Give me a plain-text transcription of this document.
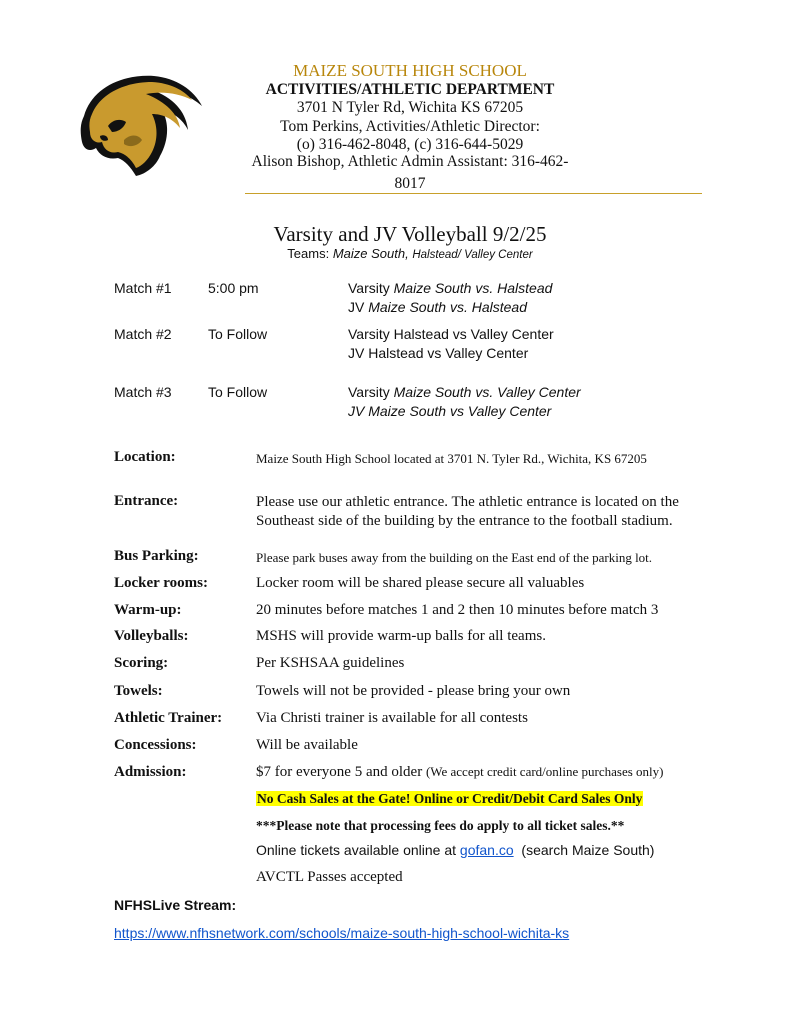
MAIZE SOUTH HIGH SCHOOL
ACTIVITIES/ATHLETIC DEPARTMENT
3701 N Tyler Rd, Wichita KS 67205
Tom Perkins, Activities/Athletic Director:
(o) 316-462-8048, (c) 316-644-5029
Alison Bishop, Athletic Admin Assistant: 316-462-8017
Varsity and JV Volleyball 9/2/25
Teams: Maize South, Halstead/ Valley Center
Match #1	5:00 pm	Varsity Maize South vs. Halstead
JV Maize South vs. Halstead
Match #2	To Follow	Varsity Halstead vs Valley Center
JV Halstead vs Valley Center
Match #3	To Follow	Varsity Maize South vs. Valley Center
JV Maize South vs Valley Center
Location:	Maize South High School located at 3701 N. Tyler Rd., Wichita, KS 67205
Entrance:	Please use our athletic entrance. The athletic entrance is located on the Southeast side of the building by the entrance to the football stadium.
Bus Parking:	Please park buses away from the building on the East end of the parking lot.
Locker rooms:	Locker room will be shared please secure all valuables
Warm-up:	20 minutes before matches 1 and 2 then 10 minutes before match 3
Volleyballs:	MSHS will provide warm-up balls for all teams.
Scoring:	Per KSHSAA guidelines
Towels:	Towels will not be provided - please bring your own
Athletic Trainer: Via Christi trainer is available for all contests
Concessions:	Will be available
Admission:	$7 for everyone 5 and older (We accept credit card/online purchases only)
No Cash Sales at the Gate! Online or Credit/Debit Card Sales Only
***Please note that processing fees do apply to all ticket sales.**
Online tickets available online at gofan.co (search Maize South)
AVCTL Passes accepted
NFHSLive Stream:
https://www.nfhsnetwork.com/schools/maize-south-high-school-wichita-ks
